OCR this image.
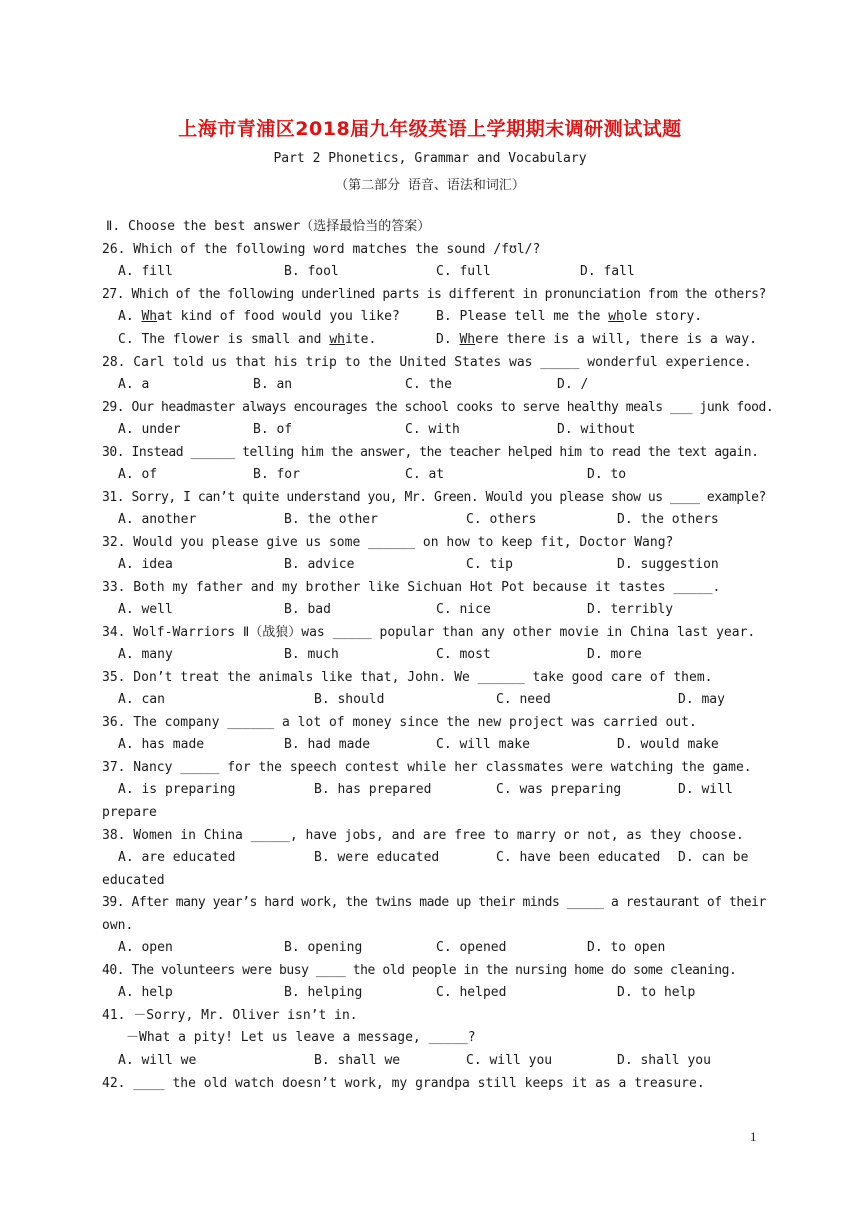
上海市青浦区2018届九年级英语上学期期末调研测试试题
Part 2 Phonetics, Grammar and Vocabulary
（第二部分 语音、语法和词汇）
Ⅱ. Choose the best answer（选择最恰当的答案）
26. Which of the following word matches the sound /fʊl/?
A. fill	B. fool	C. full	D. fall
27. Which of the following underlined parts is different in pronunciation from the others?
A. What kind of food would you like?	B. Please tell me the whole story.
C. The flower is small and white.	D. Where there is a will, there is a way.
28. Carl told us that his trip to the United States was _____ wonderful experience.
A. a	B. an	C. the	D. /
29. Our headmaster always encourages the school cooks to serve healthy meals ___ junk food.
A. under	B. of	C. with	D. without
30. Instead ______ telling him the answer, the teacher helped him to read the text again.
A. of	B. for	C. at	D. to
31. Sorry, I can’t quite understand you, Mr. Green. Would you please show us ____ example?
A. another	B. the other	C. others	D. the others
32. Would you please give us some ______ on how to keep fit, Doctor Wang?
A. idea	B. advice	C. tip	D. suggestion
33. Both my father and my brother like Sichuan Hot Pot because it tastes _____.
A. well	B. bad	C. nice	D. terribly
34. Wolf-Warriors Ⅱ（战狼）was _____ popular than any other movie in China last year.
A. many	B. much	C. most	D. more
35. Don’t treat the animals like that, John. We ______ take good care of them.
A. can	B. should	C. need	D. may
36. The company ______ a lot of money since the new project was carried out.
A. has made	B. had made	C. will make	D. would make
37. Nancy _____ for the speech contest while her classmates were watching the game.
A. is preparing	B. has prepared	C. was preparing	D. will
prepare
38. Women in China _____, have jobs, and are free to marry or not, as they choose.
A. are educated	B. were educated	C. have been educated D. can be
educated
39. After many year’s hard work, the twins made up their minds _____ a restaurant of their
own.
A. open	B. opening	C. opened	D. to open
40. The volunteers were busy ____ the old people in the nursing home do some cleaning.
A. help	B. helping	C. helped	D. to help
41. －Sorry, Mr. Oliver isn’t in.
－What a pity! Let us leave a message, _____?
A. will we	B. shall we	C. will you	D. shall you
42. ____ the old watch doesn’t work, my grandpa still keeps it as a treasure.
1
